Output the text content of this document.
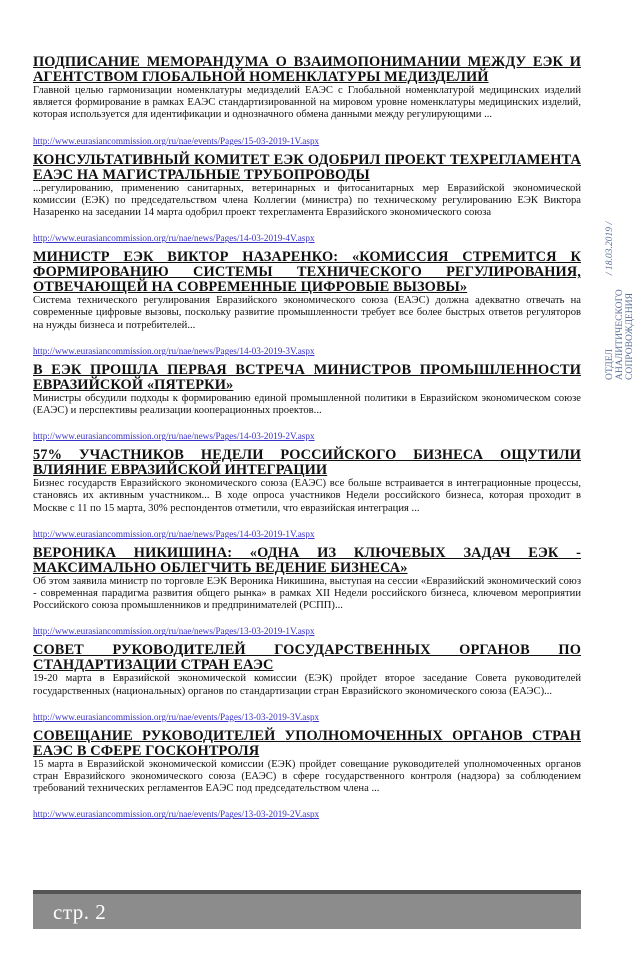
ОТДЕЛ АНАЛИТИЧЕСКОГО СОПРОВОЖДЕНИЯ
/ 18.03.2019 /
ПОДПИСАНИЕ МЕМОРАНДУМА О ВЗАИМОПОНИМАНИИ МЕЖДУ ЕЭК И АГЕНТСТВОМ ГЛОБАЛЬНОЙ НОМЕНКЛАТУРЫ МЕДИЗДЕЛИЙ

Главной целью гармонизации номенклатуры медизделий ЕАЭС с Глобальной номенклатурой медицинских изделий является формирование в рамках ЕАЭС стандартизированной на мировом уровне номенклатуры медицинских изделий, которая используется для идентификации и однозначного обмена данными между регулирующими ...

http://www.eurasiancommission.org/ru/nae/events/Pages/15-03-2019-1V.aspx
КОНСУЛЬТАТИВНЫЙ КОМИТЕТ ЕЭК ОДОБРИЛ ПРОЕКТ ТЕХРЕГЛАМЕНТА ЕАЭС НА МАГИСТРАЛЬНЫЕ ТРУБОПРОВОДЫ

...регулированию, применению санитарных, ветеринарных и фитосанитарных мер Евразийской экономической комиссии (ЕЭК) по председательством члена Коллегии (министра) по техническому регулированию ЕЭК Виктора Назаренко на заседании 14 марта одобрил проект техрегламента Евразийского экономического союза

http://www.eurasiancommission.org/ru/nae/news/Pages/14-03-2019-4V.aspx
МИНИСТР ЕЭК ВИКТОР НАЗАРЕНКО: «КОМИССИЯ СТРЕМИТСЯ К ФОРМИРОВАНИЮ СИСТЕМЫ ТЕХНИЧЕСКОГО РЕГУЛИРОВАНИЯ, ОТВЕЧАЮЩЕЙ НА СОВРЕМЕННЫЕ ЦИФРОВЫЕ ВЫЗОВЫ»

Система технического регулирования Евразийского экономического союза (ЕАЭС) должна адекватно отвечать на современные цифровые вызовы, поскольку развитие промышленности требует все более быстрых ответов регуляторов на нужды бизнеса и потребителей...

http://www.eurasiancommission.org/ru/nae/news/Pages/14-03-2019-3V.aspx
В ЕЭК ПРОШЛА ПЕРВАЯ ВСТРЕЧА МИНИСТРОВ ПРОМЫШЛЕННОСТИ ЕВРАЗИЙСКОЙ «ПЯТЕРКИ»

Министры обсудили подходы к формированию единой промышленной политики в Евразийском экономическом союзе (ЕАЭС) и перспективы реализации кооперационных проектов...

http://www.eurasiancommission.org/ru/nae/news/Pages/14-03-2019-2V.aspx
57% УЧАСТНИКОВ НЕДЕЛИ РОССИЙСКОГО БИЗНЕСА ОЩУТИЛИ ВЛИЯНИЕ ЕВРАЗИЙСКОЙ ИНТЕГРАЦИИ

Бизнес государств Евразийского экономического союза (ЕАЭС) все больше встраивается в интеграционные процессы, становясь их активным участником... В ходе опроса участников Недели российского бизнеса, которая проходит в Москве с 11 по 15 марта, 30% респондентов отметили, что евразийская интеграция ...

http://www.eurasiancommission.org/ru/nae/news/Pages/14-03-2019-1V.aspx
ВЕРОНИКА НИКИШИНА: «ОДНА ИЗ КЛЮЧЕВЫХ ЗАДАЧ ЕЭК - МАКСИМАЛЬНО ОБЛЕГЧИТЬ ВЕДЕНИЕ БИЗНЕСА»

Об этом заявила министр по торговле ЕЭК Вероника Никишина, выступая на сессии «Евразийский экономический союз - современная парадигма развития общего рынка» в рамках XII Недели российского бизнеса, ключевом мероприятии Российского союза промышленников и предпринимателей (РСПП)...

http://www.eurasiancommission.org/ru/nae/news/Pages/13-03-2019-1V.aspx
СОВЕТ РУКОВОДИТЕЛЕЙ ГОСУДАРСТВЕННЫХ ОРГАНОВ ПО СТАНДАРТИЗАЦИИ СТРАН ЕАЭС

19-20 марта в Евразийской экономической комиссии (ЕЭК) пройдет второе заседание Совета руководителей государственных (национальных) органов по стандартизации стран Евразийского экономического союза (ЕАЭС)...

http://www.eurasiancommission.org/ru/nae/events/Pages/13-03-2019-3V.aspx
СОВЕЩАНИЕ РУКОВОДИТЕЛЕЙ УПОЛНОМОЧЕННЫХ ОРГАНОВ СТРАН ЕАЭС В СФЕРЕ ГОСКОНТРОЛЯ

15 марта в Евразийской экономической комиссии (ЕЭК) пройдет совещание руководителей уполномоченных органов стран Евразийского экономического союза (ЕАЭС) в сфере государственного контроля (надзора) за соблюдением требований технических регламентов ЕАЭС под председательством члена ...

http://www.eurasiancommission.org/ru/nae/events/Pages/13-03-2019-2V.aspx
стр. 2
